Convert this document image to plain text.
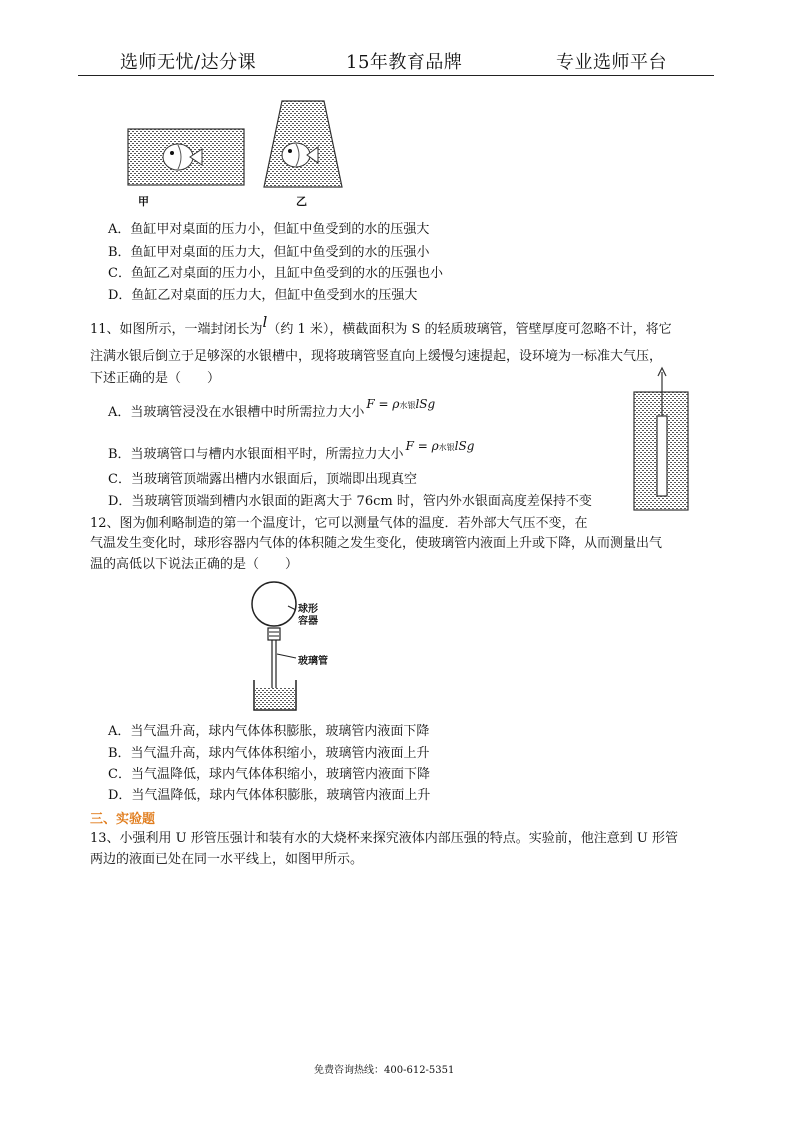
选师无忧/达分课	15年教育品牌	专业选师平台
甲	乙
A．鱼缸甲对桌面的压力小，但缸中鱼受到的水的压强大
B．鱼缸甲对桌面的压力大，但缸中鱼受到的水的压强小
C．鱼缸乙对桌面的压力小，且缸中鱼受到的水的压强也小
D．鱼缸乙对桌面的压力大，但缸中鱼受到水的压强大
11、如图所示，一端封闭长为l（约 1 米），横截面积为 S 的轻质玻璃管，管壁厚度可忽略不计，将它
注满水银后倒立于足够深的水银槽中，现将玻璃管竖直向上缓慢匀速提起，设环境为一标准大气压，
下述正确的是（　　）
A．当玻璃管浸没在水银槽中时所需拉力大小F = ρ水银lSg
B．当玻璃管口与槽内水银面相平时，所需拉力大小F = ρ水银lSg
C．当玻璃管顶端露出槽内水银面后，顶端即出现真空
D．当玻璃管顶端到槽内水银面的距离大于 76cm 时，管内外水银面高度差保持不变
12、图为伽利略制造的第一个温度计，它可以测量气体的温度．若外部大气压不变，在
气温发生变化时，球形容器内气体的体积随之发生变化，使玻璃管内液面上升或下降，从而测量出气
温的高低以下说法正确的是（　　）
球形
容器
玻璃管
A．当气温升高，球内气体体积膨胀，玻璃管内液面下降
B．当气温升高，球内气体体积缩小，玻璃管内液面上升
C．当气温降低，球内气体体积缩小，玻璃管内液面下降
D．当气温降低，球内气体体积膨胀，玻璃管内液面上升
三、实验题
13、小强利用 U 形管压强计和装有水的大烧杯来探究液体内部压强的特点。实验前，他注意到 U 形管
两边的液面已处在同一水平线上，如图甲所示。
免费咨询热线：400-612-5351
